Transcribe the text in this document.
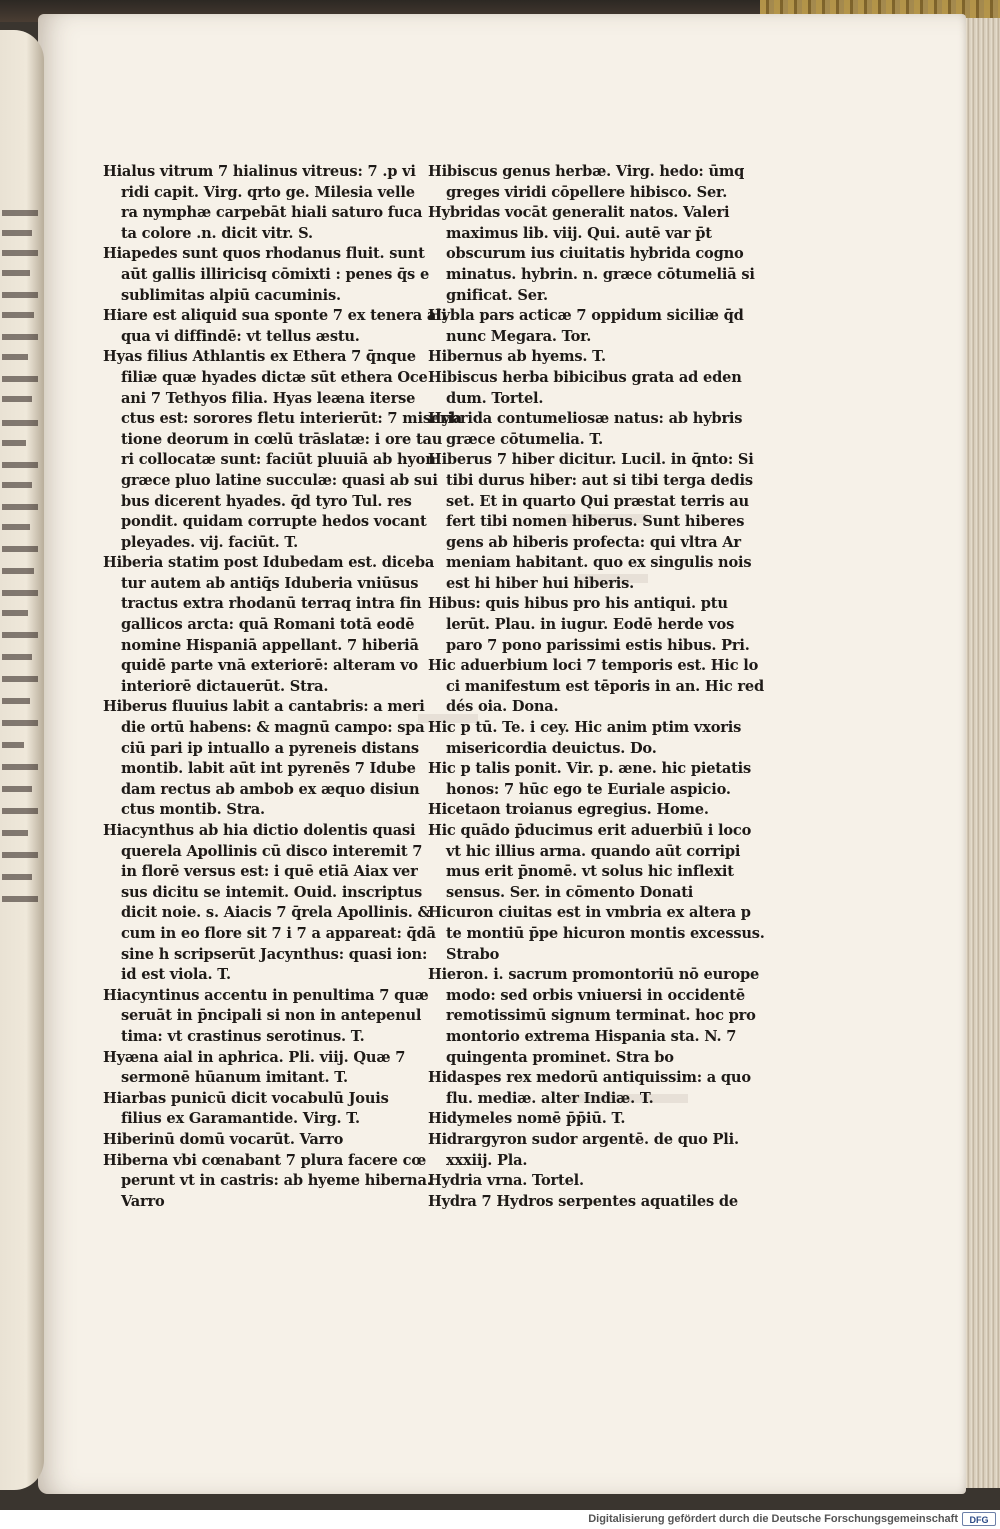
Hialus vitrum 7 hialinus vitreus: 7 .p vi
ridi capit. Virg. qrto ge. Milesia velle
ra nymphæ carpebāt hiali saturo fuca
ta colore .n. dicit vitr. S.
Hiapedes sunt quos rhodanus fluit. sunt
aūt gallis illiricisq cōmixti : penes q̄s e
sublimitas alpiū cacuminis.
Hiare est aliquid sua sponte 7 ex tenera ali
qua vi diffindē: vt tellus æstu.
Hyas filius Athlantis ex Ethera 7 q̄nque
filiæ quæ hyades dictæ sūt ethera Oce
ani 7 Tethyos filia. Hyas leæna iterse
ctus est: sorores fletu interierūt: 7 miseria
tione deorum in cœlū trāslatæ: i ore tau
ri collocatæ sunt: faciūt pluuiā ab hyon
græce pluo latine succulæ: quasi ab sui
bus dicerent hyades. q̄d tyro Tul. res
pondit. quidam corrupte hedos vocant
pleyades. vij. faciūt. T.
Hiberia statim post Idubedam est. diceba
tur autem ab antiq̄s Iduberia vniūsus
tractus extra rhodanū terraq intra fin
gallicos arcta: quā Romani totā eodē
nomine Hispaniā appellant. 7 hiberiā
quidē parte vnā exteriorē: alteram vo
interiorē dictauerūt. Stra.
Hiberus fluuius labit a cantabris: a meri
die ortū habens: & magnū campo: spa
ciū pari ip intuallo a pyreneis distans
montib. labit aūt int pyrenēs 7 Idube
dam rectus ab ambob ex æquo disiun
ctus montib. Stra.
Hiacynthus ab hia dictio dolentis quasi
querela Apollinis cū disco interemit 7
in florē versus est: i quē etiā Aiax ver
sus dicitu se intemit. Ouid. inscriptus
dicit noie. s. Aiacis 7 q̄rela Apollinis. &
cum in eo flore sit 7 i 7 a appareat: q̄dā
sine h scripserūt Jacynthus: quasi ion:
id est viola. T.
Hiacyntinus accentu in penultima 7 quæ
seruāt in p̄ncipali si non in antepenul
tima: vt crastinus serotinus. T.
Hyæna aial in aphrica. Pli. viij. Quæ 7
sermonē hūanum imitant. T.
Hiarbas punicū dicit vocabulū Jouis
filius ex Garamantide. Virg. T.
Hiberinū domū vocarūt. Varro
Hiberna vbi cœnabant 7 plura facere cœ
perunt vt in castris: ab hyeme hiberna.
Varro
Hibiscus genus herbæ. Virg. hedo: ūmq
greges viridi cōpellere hibisco. Ser.
Hybridas vocāt generalit natos. Valeri
maximus lib. viij. Qui. autē var p̄t
obscurum ius ciuitatis hybrida cogno
minatus. hybrin. n. græce cōtumeliā si
gnificat. Ser.
Hybla pars acticæ 7 oppidum siciliæ q̄d
nunc Megara. Tor.
Hibernus ab hyems. T.
Hibiscus herba bibicibus grata ad eden
dum. Tortel.
Hybrida contumeliosæ natus: ab hybris
græce cōtumelia. T.
Hiberus 7 hiber dicitur. Lucil. in q̄nto: Si
tibi durus hiber: aut si tibi terga dedis
set. Et in quarto Qui præstat terris au
fert tibi nomen hiberus. Sunt hiberes
gens ab hiberis profecta: qui vltra Ar
meniam habitant. quo ex singulis nois
est hi hiber hui hiberis.
Hibus: quis hibus pro his antiqui. ptu
lerūt. Plau. in iugur. Eodē herde vos
paro 7 pono parissimi estis hibus. Pri.
Hic aduerbium loci 7 temporis est. Hic lo
ci manifestum est tēporis in an. Hic red
dés oia. Dona.
Hic p tū. Te. i cey. Hic anim ptim vxoris
misericordia deuictus. Do.
Hic p talis ponit. Vir. p. æne. hic pietatis
honos: 7 hūc ego te Euriale aspicio.
Hicetaon troianus egregius. Home.
Hic quādo p̄ducimus erit aduerbiū i loco
vt hic illius arma. quando aūt corripi
mus erit p̄nomē. vt solus hic inflexit
sensus. Ser. in cōmento Donati
Hicuron ciuitas est in vmbria ex altera p
te montiū p̄pe hicuron montis excessus.
Strabo
Hieron. i. sacrum promontoriū nō europe
modo: sed orbis vniuersi in occidentē
remotissimū signum terminat. hoc pro
montorio extrema Hispania sta. N. 7
quingenta prominet. Stra bo
Hidaspes rex medorū antiquissim: a quo
flu. mediæ. alter Indiæ. T.
Hidymeles nomē p̄p̄iū. T.
Hidrargyron sudor argentē. de quo Pli.
xxxiij. Pla.
Hydria vrna. Tortel.
Hydra 7 Hydros serpentes aquatiles de
Digitalisierung gefördert durch die Deutsche Forschungsgemeinschaft	DFG
